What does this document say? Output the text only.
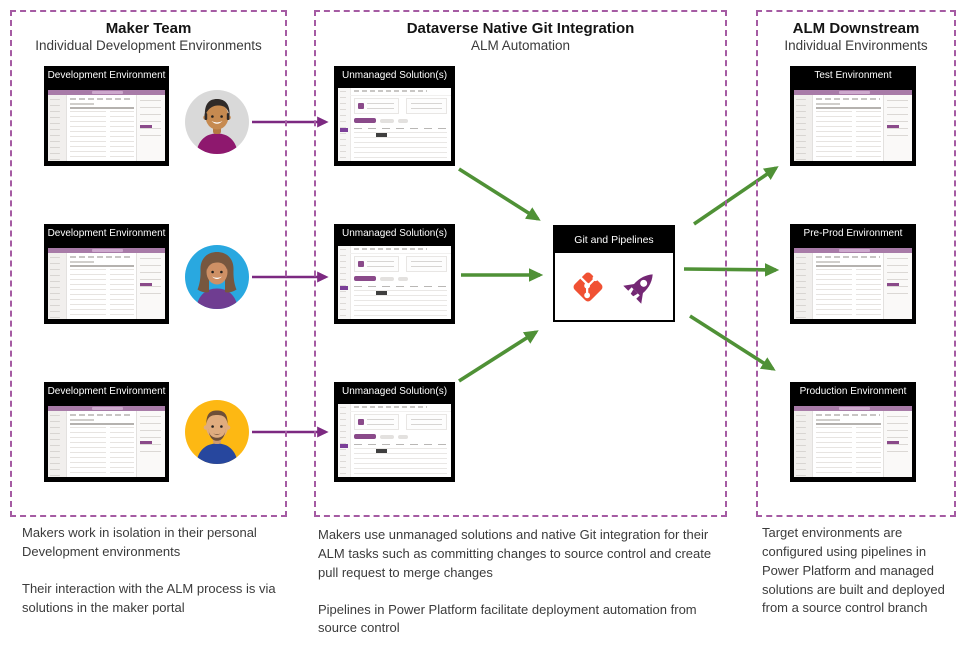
Maker Team
Individual Development Environments
Dataverse Native Git Integration
ALM Automation
ALM Downstream
Individual Environments
Development Environment
Development Environment
Development Environment
Unmanaged Solution(s)
Unmanaged Solution(s)
Unmanaged Solution(s)
Git and Pipelines
Test Environment
Pre-Prod Environment
Production Environment

Makers work in isolation in their personal Development environments

Their interaction with the ALM process is via solutions in the maker portal

Makers use unmanaged solutions and native Git integration for their ALM tasks such as committing changes to source control and create pull request to merge changes

Pipelines in Power Platform facilitate deployment automation from source control

Target environments are configured using pipelines in Power Platform and managed solutions are built and deployed from a source control branch
